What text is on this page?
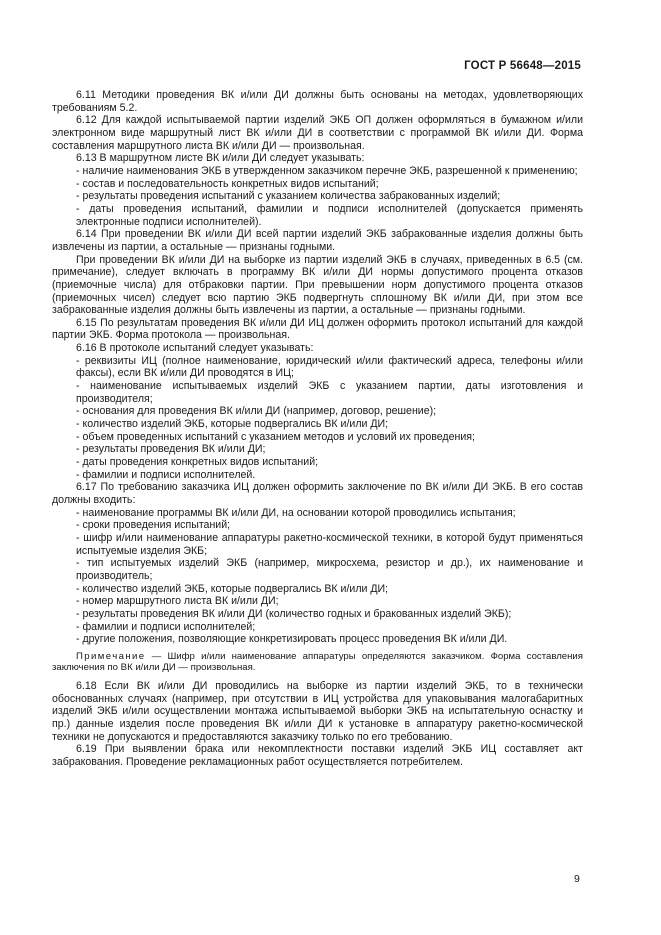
ГОСТ Р 56648—2015
6.11 Методики проведения ВК и/или ДИ должны быть основаны на методах, удовлетворяющих требованиям 5.2.
6.12 Для каждой испытываемой партии изделий ЭКБ ОП должен оформляться в бумажном и/или электронном виде маршрутный лист ВК и/или ДИ в соответствии с программой ВК и/или ДИ. Форма составления маршрутного листа ВК и/или ДИ — произвольная.
6.13 В маршрутном листе ВК и/или ДИ следует указывать:
- наличие наименования ЭКБ в утвержденном заказчиком перечне ЭКБ, разрешенной к применению;
- состав и последовательность конкретных видов испытаний;
- результаты проведения испытаний с указанием количества забракованных изделий;
- даты проведения испытаний, фамилии и подписи исполнителей (допускается применять электронные подписи исполнителей).
6.14 При проведении ВК и/или ДИ всей партии изделий ЭКБ забракованные изделия должны быть извлечены из партии, а остальные — признаны годными.
При проведении ВК и/или ДИ на выборке из партии изделий ЭКБ в случаях, приведенных в 6.5 (см. примечание), следует включать в программу ВК и/или ДИ нормы допустимого процента отказов (приемочные числа) для отбраковки партии. При превышении норм допустимого процента отказов (приемочных чисел) следует всю партию ЭКБ подвергнуть сплошному ВК и/или ДИ, при этом все забракованные изделия должны быть извлечены из партии, а остальные — признаны годными.
6.15 По результатам проведения ВК и/или ДИ ИЦ должен оформить протокол испытаний для каждой партии ЭКБ. Форма протокола — произвольная.
6.16 В протоколе испытаний следует указывать:
- реквизиты ИЦ (полное наименование, юридический и/или фактический адреса, телефоны и/или факсы), если ВК и/или ДИ проводятся в ИЦ;
- наименование испытываемых изделий ЭКБ с указанием партии, даты изготовления и производителя;
- основания для проведения ВК и/или ДИ (например, договор, решение);
- количество изделий ЭКБ, которые подвергались ВК и/или ДИ;
- объем проведенных испытаний с указанием методов и условий их проведения;
- результаты проведения ВК и/или ДИ;
- даты проведения конкретных видов испытаний;
- фамилии и подписи исполнителей.
6.17 По требованию заказчика ИЦ должен оформить заключение по ВК и/или ДИ ЭКБ. В его состав должны входить:
- наименование программы ВК и/или ДИ, на основании которой проводились испытания;
- сроки проведения испытаний;
- шифр и/или наименование аппаратуры ракетно-космической техники, в которой будут применяться испытуемые изделия ЭКБ;
- тип испытуемых изделий ЭКБ (например, микросхема, резистор и др.), их наименование и производитель;
- количество изделий ЭКБ, которые подвергались ВК и/или ДИ;
- номер маршрутного листа ВК и/или ДИ;
- результаты проведения ВК и/или ДИ (количество годных и бракованных изделий ЭКБ);
- фамилии и подписи исполнителей;
- другие положения, позволяющие конкретизировать процесс проведения ВК и/или ДИ.
Примечание — Шифр и/или наименование аппаратуры определяются заказчиком. Форма составления заключения по ВК и/или ДИ — произвольная.
6.18 Если ВК и/или ДИ проводились на выборке из партии изделий ЭКБ, то в технически обоснованных случаях (например, при отсутствии в ИЦ устройства для упаковывания малогабаритных изделий ЭКБ и/или осуществлении монтажа испытываемой выборки ЭКБ на испытательную оснастку и пр.) данные изделия после проведения ВК и/или ДИ к установке в аппаратуру ракетно-космической техники не допускаются и предоставляются заказчику только по его требованию.
6.19 При выявлении брака или некомплектности поставки изделий ЭКБ ИЦ составляет акт забракования. Проведение рекламационных работ осуществляется потребителем.
9
